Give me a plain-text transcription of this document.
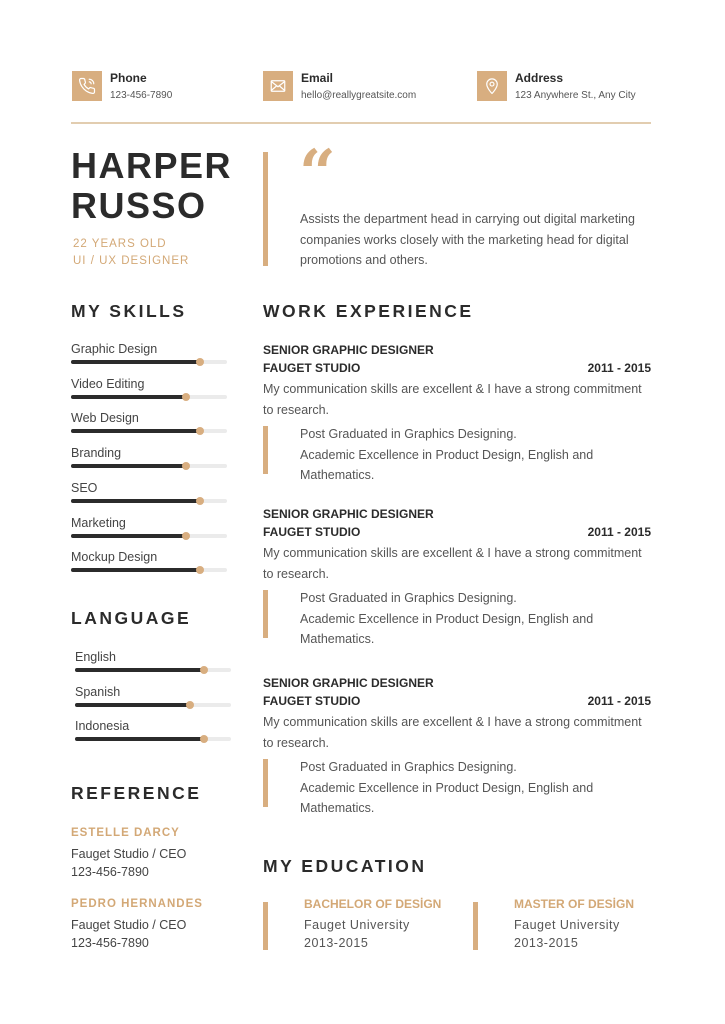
Phone
123-456-7890
Email
hello@reallygreatsite.com
Address
123 Anywhere St., Any City
HARPER
RUSSO
22 YEARS OLD
UI / UX DESIGNER
“
Assists the department head in carrying out digital marketing companies works closely with the marketing head for digital promotions and others.
MY SKILLS
Graphic Design
Video Editing
Web Design
Branding
SEO
Marketing
Mockup Design
LANGUAGE
English
Spanish
Indonesia
REFERENCE
ESTELLE DARCY
Fauget Studio / CEO
123-456-7890
PEDRO HERNANDES
Fauget Studio / CEO
123-456-7890
WORK EXPERIENCE
SENIOR GRAPHIC DESIGNER
FAUGET STUDIO	2011 - 2015
My communication skills are excellent & I have a strong commitment to research.
Post Graduated in Graphics Designing.
Academic Excellence in Product Design, English and Mathematics.
SENIOR GRAPHIC DESIGNER
FAUGET STUDIO	2011 - 2015
My communication skills are excellent & I have a strong commitment to research.
Post Graduated in Graphics Designing.
Academic Excellence in Product Design, English and Mathematics.
SENIOR GRAPHIC DESIGNER
FAUGET STUDIO	2011 - 2015
My communication skills are excellent & I have a strong commitment to research.
Post Graduated in Graphics Designing.
Academic Excellence in Product Design, English and Mathematics.
MY EDUCATION
BACHELOR OF DESİGN
Fauget University
2013-2015
MASTER OF DESİGN
Fauget University
2013-2015
